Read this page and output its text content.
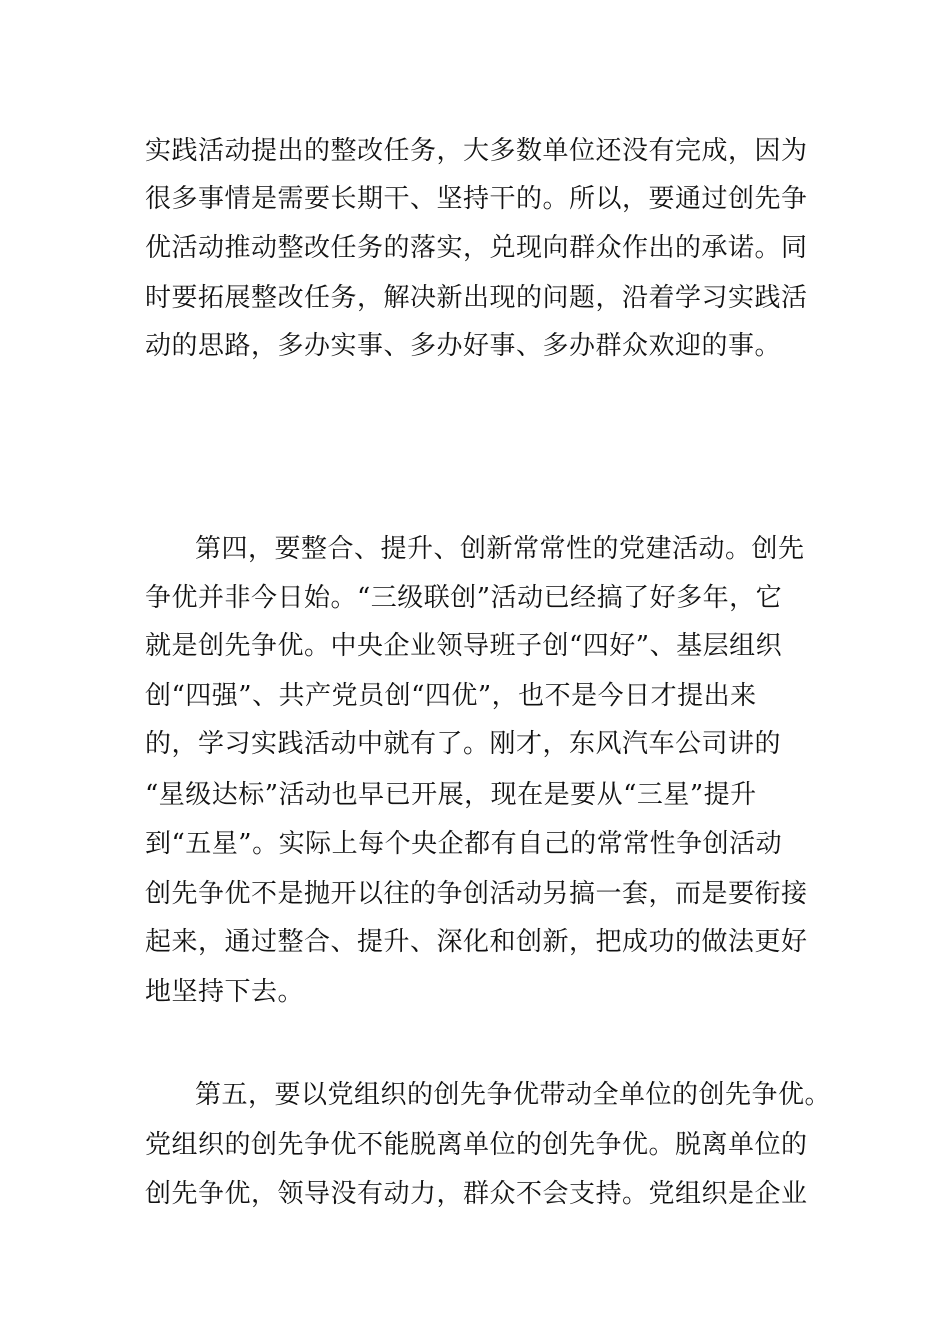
实践活动提出的整改任务，大多数单位还没有完成，因为
很多事情是需要长期干、坚持干的。所以，要通过创先争
优活动推动整改任务的落实，兑现向群众作出的承诺。同
时要拓展整改任务，解决新出现的问题，沿着学习实践活
动的思路，多办实事、多办好事、多办群众欢迎的事。
第四，要整合、提升、创新常常性的党建活动。创先
争优并非今日始。“三级联创”活动已经搞了好多年，它
就是创先争优。中央企业领导班子创“四好”、基层组织
创“四强”、共产党员创“四优”，也不是今日才提出来
的，学习实践活动中就有了。刚才，东风汽车公司讲的
“星级达标”活动也早已开展，现在是要从“三星”提升
到“五星”。实际上每个央企都有自己的常常性争创活动
创先争优不是抛开以往的争创活动另搞一套，而是要衔接
起来，通过整合、提升、深化和创新，把成功的做法更好
地坚持下去。
第五，要以党组织的创先争优带动全单位的创先争优。
党组织的创先争优不能脱离单位的创先争优。脱离单位的
创先争优，领导没有动力，群众不会支持。党组织是企业
